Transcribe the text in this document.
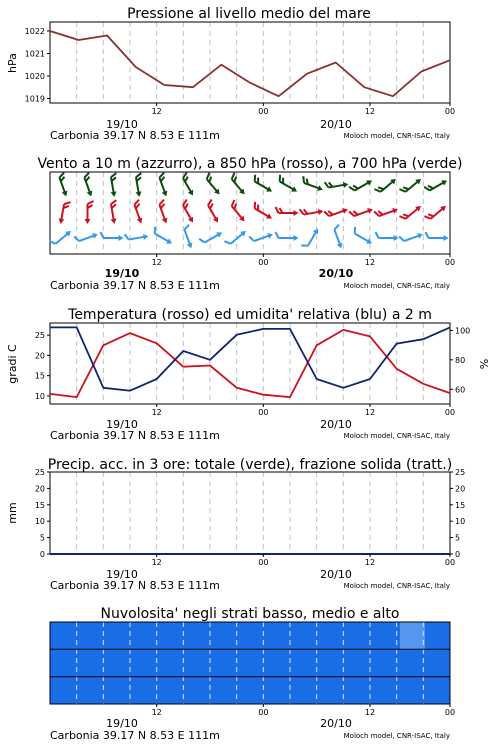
Pressione al livello medio del mare
1019
1020
1021
1022
hPa
12	00	12	00
19/10	20/10
Carbonia 39.17 N 8.53 E 111m	Moloch model, CNR-ISAC, Italy
Vento a 10 m (azzurro), a 850 hPa (rosso), a 700 hPa (verde)
12	00	12	00
19/10	20/10
Carbonia 39.17 N 8.53 E 111m	Moloch model, CNR-ISAC, Italy
Temperatura (rosso) ed umidita' relativa (blu) a 2 m
10
15
20
25
60
80
100
gradi C	%
12	00	12	00
19/10	20/10
Carbonia 39.17 N 8.53 E 111m	Moloch model, CNR-ISAC, Italy
Precip. acc. in 3 ore: totale (verde), frazione solida (tratt.)
0
5
10
15
20
25
0
5
10
15
20
25
mm
12	00	12	00
19/10	20/10
Carbonia 39.17 N 8.53 E 111m	Moloch model, CNR-ISAC, Italy
Nuvolosita' negli strati basso, medio e alto
12	00	12	00
19/10	20/10
Carbonia 39.17 N 8.53 E 111m	Moloch model, CNR-ISAC, Italy
